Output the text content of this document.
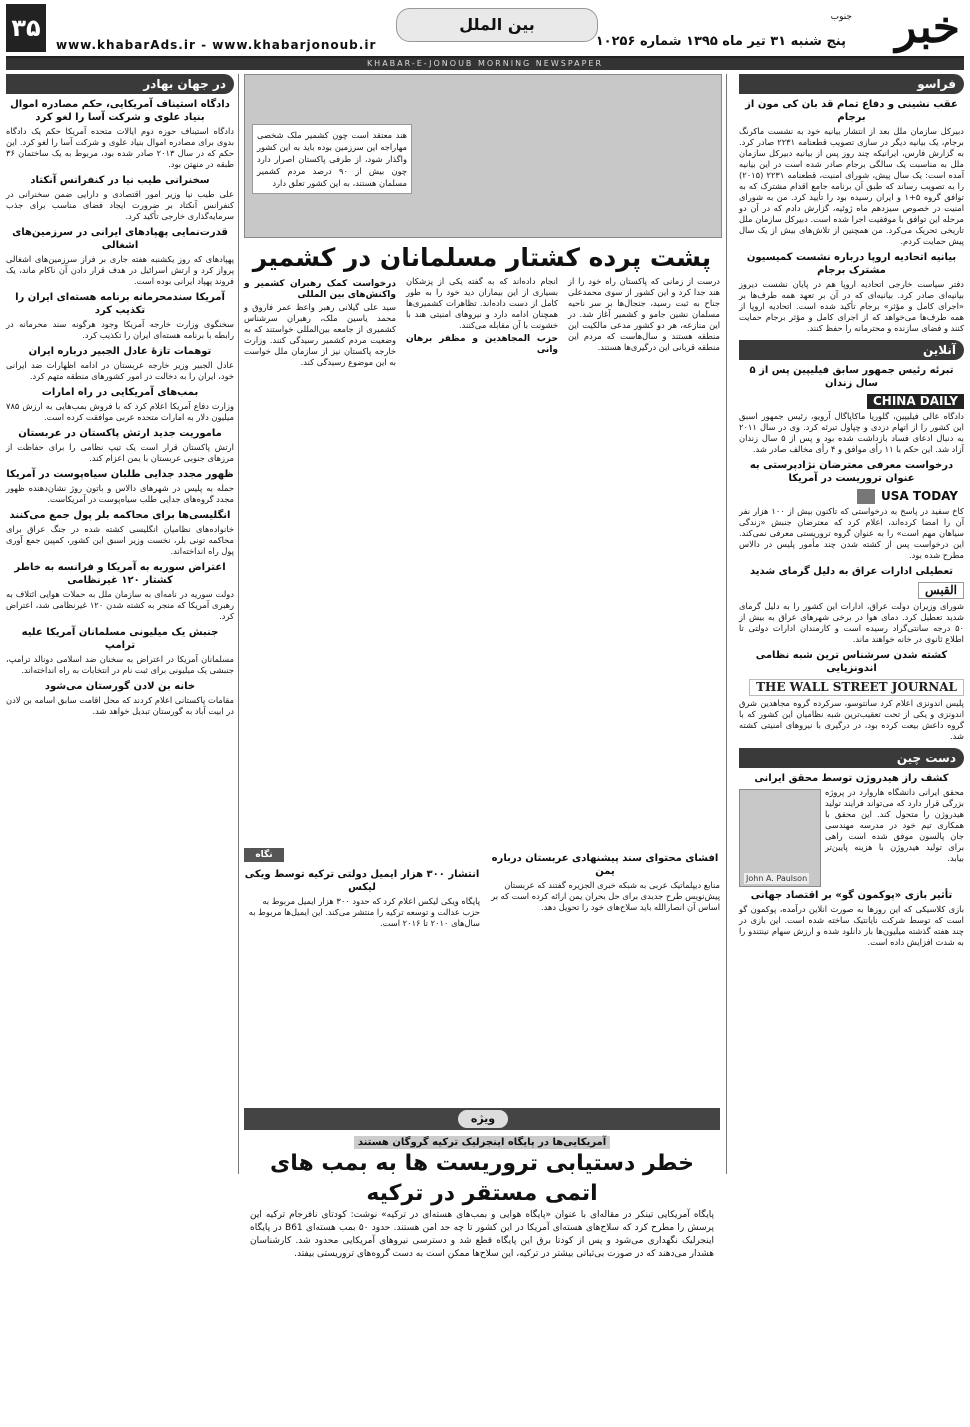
خبر
جنوب
پنج شنبه ۳۱ تیر ماه ۱۳۹۵ شماره ۱۰۲۵۶
بین الملل
www.khabarAds.ir - www.khabarjonoub.ir
۳۵
KHABAR-E-JONOUB MORNING NEWSPAPER
فراسو
عقب نشینی و دفاع تمام قد بان کی مون از برجام

دبیرکل سازمان ملل بعد از انتشار بیانیه خود به نشست ماکرنگ برجام، یک بیانیه دیگر در سازی تصویب قطعنامه ۲۲۳۱ صادر کرد. به گزارش فارس، ایرانیکه چند روز پس از بیانیه دبیرکل سازمان ملل به مناسبت یک سالگی برجام صادر شده است در این بیانیه آمده است: یک سال پیش، شورای امنیت، قطعنامه ۲۲۳۱ (۲۰۱۵) را به تصویب رساند که طبق آن برنامه جامع اقدام مشترک که به توافق گروه ۵+۱ و ایران رسیده بود را تأیید کرد. من به شورای امنیت در خصوص سیزدهم ماه ژوئیه، گزارش دادم که در آن دو مرحله این توافق با موفقیت اجرا شده است. دبیرکل سازمان ملل تاریخی تحریک می‌کرد. من همچنین از تلاش‌های بیش از یک سال پیش حمایت کردم.

بیانیه اتحادیه اروپا درباره نشست کمیسیون مشترک برجام

دفتر سیاست خارجی اتحادیه اروپا هم در پایان نشست دیروز بیانیه‌ای صادر کرد. بیانیه‌ای که در آن بر تعهد همه طرف‌ها بر «اجرای کامل و مؤثر» برجام تأکید شده است. اتحادیه اروپا از همه طرف‌ها می‌خواهد که از اجرای کامل و مؤثر برجام حمایت کنند و فضای سازنده و محترمانه را حفظ کنند.

آنلاین
تبرئه رئیس جمهور سابق فیلیپین پس از ۵ سال زندان
CHINA DAILY

دادگاه عالی فیلیپین، گلوریا ماکاپاگال آرویو، رئیس جمهور اسبق این کشور را از اتهام دزدی و چپاول تبرئه کرد. وی در سال ۲۰۱۱ به دنبال ادعای فساد بازداشت شده بود و پس از ۵ سال زندان آزاد شد. این حکم با ۱۱ رأی موافق و ۴ رأی مخالف صادر شد.

درخواست معرفی معترضان نژادپرستی به عنوان تروریست در آمریکا
USA TODAY

کاخ سفید در پاسخ به درخواستی که تاکنون بیش از ۱۰۰ هزار نفر آن را امضا کرده‌اند، اعلام کرد که معترضان جنبش «زندگی سیاهان مهم است» را به عنوان گروه تروریستی معرفی نمی‌کند. این درخواست پس از کشته شدن چند مأمور پلیس در دالاس مطرح شده بود.

تعطیلی ادارات عراق به دلیل گرمای شدید
القبس

شورای وزیران دولت عراق، ادارات این کشور را به دلیل گرمای شدید تعطیل کرد. دمای هوا در برخی شهرهای عراق به بیش از ۵۰ درجه سانتی‌گراد رسیده است و کارمندان ادارات دولتی تا اطلاع ثانوی در خانه خواهند ماند.

کشته شدن سرشناس ترین شبه نظامی اندونزیایی
THE WALL STREET JOURNAL

پلیس اندونزی اعلام کرد سانتوسو، سرکرده گروه مجاهدین شرق اندونزی و یکی از تحت تعقیب‌ترین شبه نظامیان این کشور که با گروه داعش بیعت کرده بود، در درگیری با نیروهای امنیتی کشته شد.

دست چین
کشف راز هیدروژن توسط محقق ایرانی
John A. Paulson

محقق ایرانی دانشگاه هاروارد در پروژه بزرگی قرار دارد که می‌تواند فرایند تولید هیدروژن را متحول کند. این محقق با همکاری تیم خود در مدرسه مهندسی جان پالسون موفق شده است راهی برای تولید هیدروژن با هزینه پایین‌تر بیابد.

تأثیر بازی «پوکمون گو» بر اقتصاد جهانی

بازی کلاسیکی که این روزها به صورت انلاین درآمده، پوکمون گو است که توسط شرکت نایانتیک ساخته شده است. این بازی در چند هفته گذشته میلیون‌ها بار دانلود شده و ارزش سهام نینتندو را به شدت افزایش داده است.

در جهان بهادر
دادگاه استیناف آمریکایی، حکم مصادره اموال بنیاد علوی و شرکت آسا را لغو کرد

دادگاه استیناف حوزه دوم ایالات متحده آمریکا حکم یک دادگاه بدوی برای مصادره اموال بنیاد علوی و شرکت آسا را لغو کرد. این حکم که در سال ۲۰۱۳ صادر شده بود، مربوط به یک ساختمان ۳۶ طبقه در منهتن بود.

سخنرانی طیب نیا در کنفرانس آنکتاد

علی طیب نیا وزیر امور اقتصادی و دارایی ضمن سخنرانی در کنفرانس آنکتاد بر ضرورت ایجاد فضای مناسب برای جذب سرمایه‌گذاری خارجی تأکید کرد.

قدرت‌نمایی پهپادهای ایرانی در سرزمین‌های اشغالی

پهپادهای که روز یکشنبه هفته جاری بر فراز سرزمین‌های اشغالی پرواز کرد و ارتش اسرائیل در هدف قرار دادن آن ناکام ماند، یک فروند پهپاد ایرانی بوده است.

آمریکا سندمحرمانه برنامه هسته‌ای ایران را تکذیب کرد

سخنگوی وزارت خارجه آمریکا وجود هرگونه سند محرمانه در رابطه با برنامه هسته‌ای ایران را تکذیب کرد.

توهمات تازهٔ عادل الجبیر درباره ایران

عادل الجبیر وزیر خارجه عربستان در ادامه اظهارات ضد ایرانی خود، ایران را به دخالت در امور کشورهای منطقه متهم کرد.

بمب‌های آمریکایی در راه امارات

وزارت دفاع آمریکا اعلام کرد که با فروش بمب‌هایی به ارزش ۷۸۵ میلیون دلار به امارات متحده عربی موافقت کرده است.

ماموریت جدید ارتش پاکستان در عربستان

ارتش پاکستان قرار است یک تیپ نظامی را برای حفاظت از مرزهای جنوبی عربستان با یمن اعزام کند.

ظهور مجدد جدایی طلبان سیاه‌پوست در آمریکا

حمله به پلیس در شهرهای دالاس و باتون روژ نشان‌دهنده ظهور مجدد گروه‌های جدایی طلب سیاه‌پوست در آمریکاست.

انگلیسی‌ها برای محاکمه بلر پول جمع می‌کنند

خانواده‌های نظامیان انگلیسی کشته شده در جنگ عراق برای محاکمه تونی بلر، نخست وزیر اسبق این کشور، کمپین جمع آوری پول راه انداخته‌اند.

اعتراض سوریه به آمریکا و فرانسه به خاطر کشتار ۱۲۰ غیرنظامی

دولت سوریه در نامه‌ای به سازمان ملل به حملات هوایی ائتلاف به رهبری آمریکا که منجر به کشته شدن ۱۲۰ غیرنظامی شد، اعتراض کرد.

جنبش یک میلیونی مسلمانان آمریکا علیه ترامپ

مسلمانان آمریکا در اعتراض به سخنان ضد اسلامی دونالد ترامپ، جنبشی یک میلیونی برای ثبت نام در انتخابات به راه انداخته‌اند.

خانه بن لادن گورستان می‌شود

مقامات پاکستانی اعلام کردند که محل اقامت سابق اسامه بن لادن در ابیت آباد به گورستان تبدیل خواهد شد.

هند معتقد است چون کشمیر ملک شخصی مهاراجه این سرزمین بوده باید به این کشور واگذار شود، از طرفی پاکستان اصرار دارد چون بیش از ۹۰ درصد مردم کشمیر مسلمان هستند، به این کشور تعلق دارد
پشت پرده کشتار مسلمانان در کشمیر

درست از زمانی که پاکستان راه خود را از هند جدا کرد و این کشور از سوی محمدعلی جناح به ثبت رسید، جنجال‌ها بر سر ناحیه مسلمان نشین جامو و کشمیر آغاز شد. در این منازعه، هر دو کشور مدعی مالکیت این منطقه هستند و سال‌هاست که مردم این منطقه قربانی این درگیری‌ها هستند.

انجام داده‌اند که به گفته یکی از پزشکان بسیاری از این بیماران دید خود را به طور کامل از دست داده‌اند. تظاهرات کشمیری‌ها همچنان ادامه دارد و نیروهای امنیتی هند با خشونت با آن مقابله می‌کنند.

حزب المجاهدین و مظفر برهان وانی
درخواست کمک رهبران کشمیر و واکنش‌های بین المللی

سید علی گیلانی رهبر واعظ عمر فاروق و محمد یاسین ملک، رهبران سرشناس کشمیری از جامعه بین‌المللی خواستند که به وضعیت مردم کشمیر رسیدگی کنند. وزارت خارجه پاکستان نیز از سازمان ملل خواست به این موضوع رسیدگی کند.

نگاه	افشای محتوای سند پیشنهادی عربستان درباره یمن

منابع دیپلماتیک عربی به شبکه خبری الجزیره گفتند که عربستان پیش‌نویس طرح جدیدی برای حل بحران یمن ارائه کرده است که بر اساس آن انصارالله باید سلاح‌های خود را تحویل دهد.

انتشار ۳۰۰ هزار ایمیل دولتی ترکیه توسط ویکی لیکس

پایگاه ویکی لیکس اعلام کرد که حدود ۳۰۰ هزار ایمیل مربوط به حزب عدالت و توسعه ترکیه را منتشر می‌کند. این ایمیل‌ها مربوط به سال‌های ۲۰۱۰ تا ۲۰۱۶ است.

ویژه
آمریکایی‌ها در پایگاه اینجرلیک ترکیه گروگان هستند
خطر دستیابی تروریست ها به بمب های اتمی مستقر در ترکیه

پایگاه آمریکایی تینکر در مقاله‌ای با عنوان «پایگاه هوایی و بمب‌های هسته‌ای در ترکیه» نوشت: کودتای نافرجام ترکیه این پرسش را مطرح کرد که سلاح‌های هسته‌ای آمریکا در این کشور تا چه حد امن هستند. حدود ۵۰ بمب هسته‌ای B61 در پایگاه اینجرلیک نگهداری می‌شود و پس از کودتا برق این پایگاه قطع شد و دسترسی نیروهای آمریکایی محدود شد. کارشناسان هشدار می‌دهند که در صورت بی‌ثباتی بیشتر در ترکیه، این سلاح‌ها ممکن است به دست گروه‌های تروریستی بیفتد.
